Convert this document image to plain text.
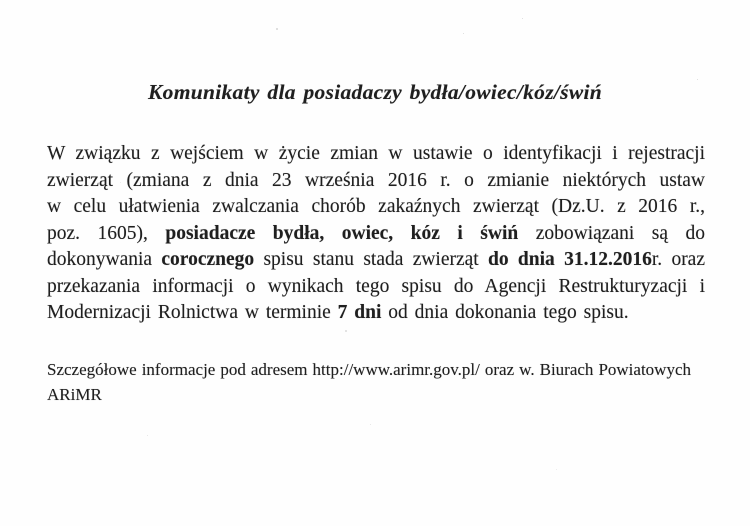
Komunikaty dla posiadaczy bydła/owiec/kóz/świń
W związku z wejściem w życie zmian w ustawie o identyfikacji i rejestracji
zwierząt (zmiana z dnia 23 września 2016 r. o zmianie niektórych ustaw
w celu ułatwienia zwalczania chorób zakaźnych zwierząt (Dz.U. z 2016 r.,
poz. 1605), posiadacze bydła, owiec, kóz i świń zobowiązani są do
dokonywania corocznego spisu stanu stada zwierząt do dnia 31.12.2016r. oraz
przekazania informacji o wynikach tego spisu do Agencji Restrukturyzacji i
Modernizacji Rolnictwa w terminie 7 dni od dnia dokonania tego spisu.
Szczegółowe informacje pod adresem http://www.arimr.gov.pl/ oraz w. Biurach Powiatowych
ARiMR
